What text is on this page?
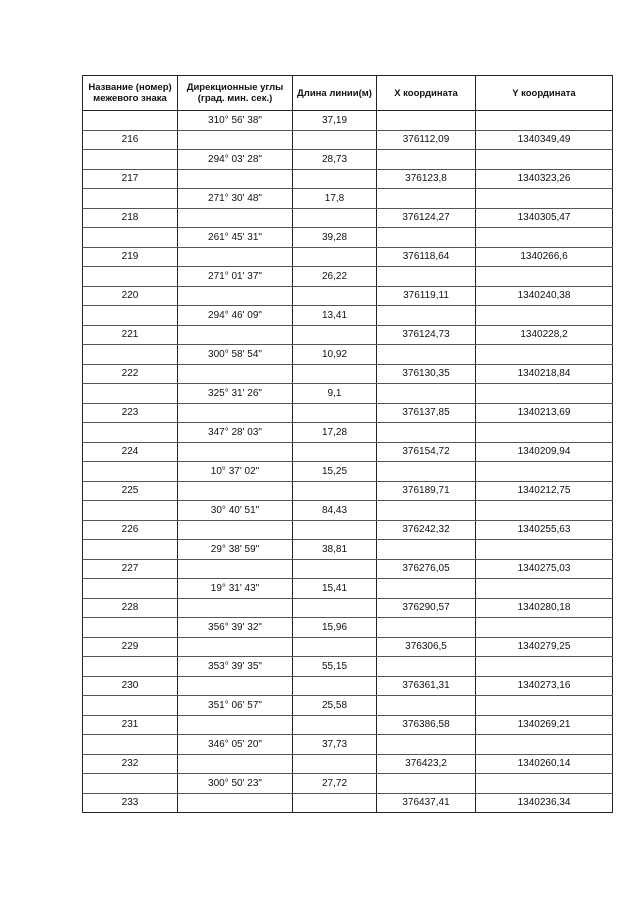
Название (номер) межевого знака	Дирекционные углы (град. мин. сек.)	Длина линии(м)	X координата	Y координата
	310° 56' 38"	37,19		
216			376112,09	1340349,49
	294° 03' 28"	28,73		
217			376123,8	1340323,26
	271° 30' 48"	17,8		
218			376124,27	1340305,47
	261° 45' 31"	39,28		
219			376118,64	1340266,6
	271° 01' 37"	26,22		
220			376119,11	1340240,38
	294° 46' 09"	13,41		
221			376124,73	1340228,2
	300° 58' 54"	10,92		
222			376130,35	1340218,84
	325° 31' 26"	9,1		
223			376137,85	1340213,69
	347° 28' 03"	17,28		
224			376154,72	1340209,94
	10° 37' 02"	15,25		
225			376189,71	1340212,75
	30° 40' 51"	84,43		
226			376242,32	1340255,63
	29° 38' 59"	38,81		
227			376276,05	1340275,03
	19° 31' 43"	15,41		
228			376290,57	1340280,18
	356° 39' 32"	15,96		
229			376306,5	1340279,25
	353° 39' 35"	55,15		
230			376361,31	1340273,16
	351° 06' 57"	25,58		
231			376386,58	1340269,21
	346° 05' 20"	37,73		
232			376423,2	1340260,14
	300° 50' 23"	27,72		
233			376437,41	1340236,34
